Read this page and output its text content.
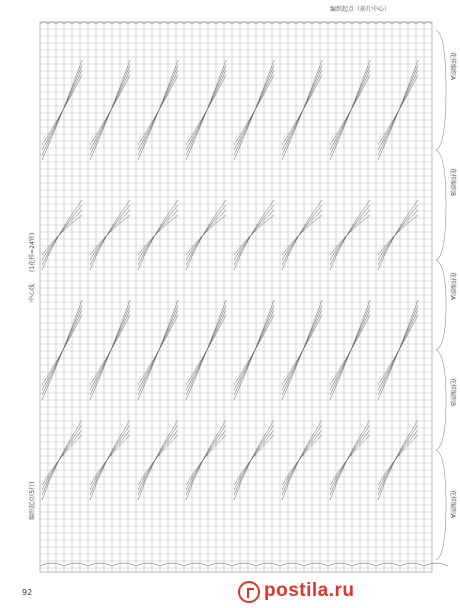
编织起点（前片中心）
编织起点(5行)
中心线
(1花样=24针)
花样编织A
花样编织B
花样编织A
花样编织B
花样编织A
92	postila.ru
